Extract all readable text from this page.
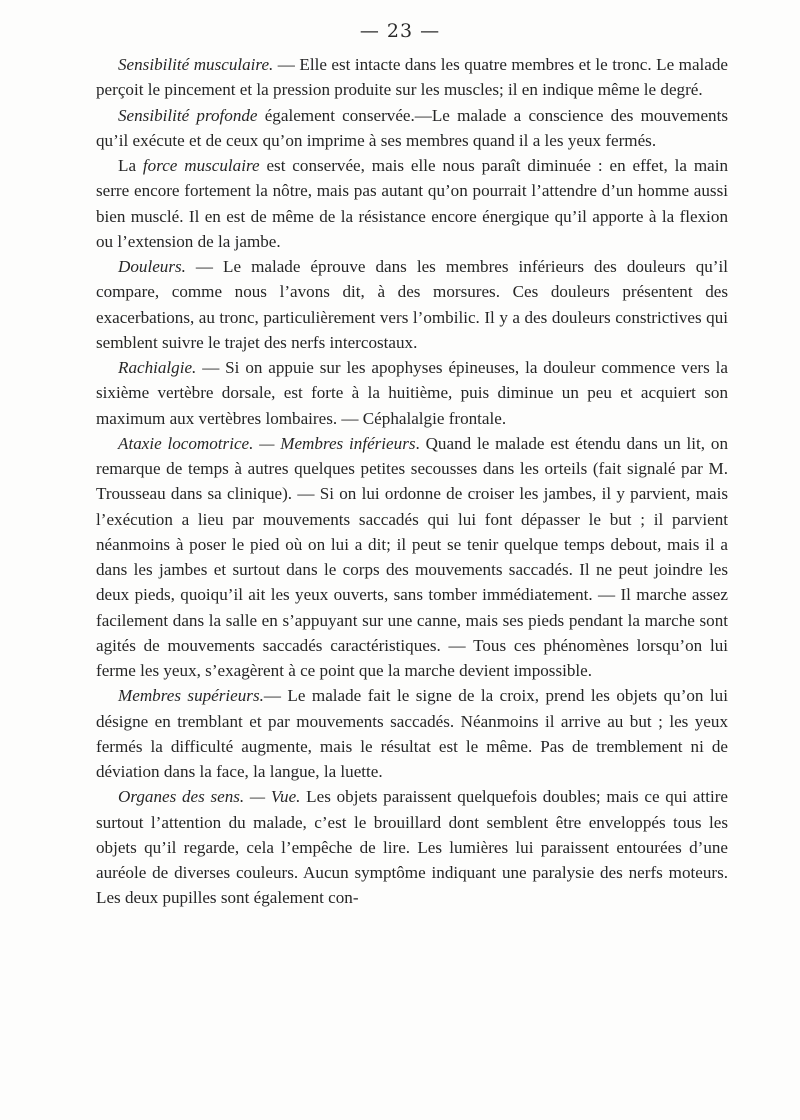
— 23 —

Sensibilité musculaire. — Elle est intacte dans les quatre membres et le tronc. Le malade perçoit le pincement et la pression produite sur les muscles; il en indique même le degré.

Sensibilité profonde également conservée.—Le malade a conscience des mouvements qu’il exécute et de ceux qu’on imprime à ses membres quand il a les yeux fermés.

La force musculaire est conservée, mais elle nous paraît diminuée : en effet, la main serre encore fortement la nôtre, mais pas autant qu’on pourrait l’attendre d’un homme aussi bien musclé. Il en est de même de la résistance encore énergique qu’il apporte à la flexion ou l’extension de la jambe.

Douleurs. — Le malade éprouve dans les membres inférieurs des douleurs qu’il compare, comme nous l’avons dit, à des morsures. Ces douleurs présentent des exacerbations, au tronc, particulièrement vers l’ombilic. Il y a des douleurs constrictives qui semblent suivre le trajet des nerfs intercostaux.

Rachialgie. — Si on appuie sur les apophyses épineuses, la douleur commence vers la sixième vertèbre dorsale, est forte à la huitième, puis diminue un peu et acquiert son maximum aux vertèbres lombaires. — Céphalalgie frontale.

Ataxie locomotrice. — Membres inférieurs. Quand le malade est étendu dans un lit, on remarque de temps à autres quelques petites secousses dans les orteils (fait signalé par M. Trousseau dans sa clinique). — Si on lui ordonne de croiser les jambes, il y parvient, mais l’exécution a lieu par mouvements saccadés qui lui font dépasser le but ; il parvient néanmoins à poser le pied où on lui a dit; il peut se tenir quelque temps debout, mais il a dans les jambes et surtout dans le corps des mouvements saccadés. Il ne peut joindre les deux pieds, quoiqu’il ait les yeux ouverts, sans tomber immédiatement. — Il marche assez facilement dans la salle en s’appuyant sur une canne, mais ses pieds pendant la marche sont agités de mouvements saccadés caractéristiques. — Tous ces phénomènes lorsqu’on lui ferme les yeux, s’exagèrent à ce point que la marche devient impossible.

Membres supérieurs.— Le malade fait le signe de la croix, prend les objets qu’on lui désigne en tremblant et par mouvements saccadés. Néanmoins il arrive au but ; les yeux fermés la difficulté augmente, mais le résultat est le même. Pas de tremblement ni de déviation dans la face, la langue, la luette.

Organes des sens. — Vue. Les objets paraissent quelquefois doubles; mais ce qui attire surtout l’attention du malade, c’est le brouillard dont semblent être enveloppés tous les objets qu’il regarde, cela l’empêche de lire. Les lumières lui paraissent entourées d’une auréole de diverses couleurs. Aucun symptôme indiquant une paralysie des nerfs moteurs. Les deux pupilles sont également con-
